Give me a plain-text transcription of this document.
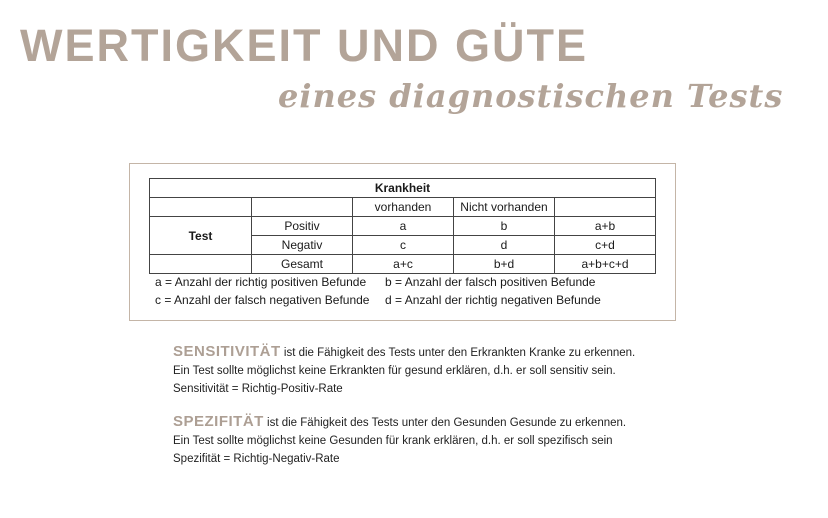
WERTIGKEIT UND GÜTE
eines diagnostischen Tests
Krankheit				
		vorhanden	Nicht vorhanden	
Test	Positiv	a	b	a+b
	Negativ	c	d	c+d
	Gesamt	a+c	b+d	a+b+c+d
a = Anzahl der richtig positiven Befunde b = Anzahl der falsch positiven Befunde
c = Anzahl der falsch negativen Befunde d = Anzahl der richtig negativen Befunde
SENSITIVITÄT ist die Fähigkeit des Tests unter den Erkrankten Kranke zu erkennen.
Ein Test sollte möglichst keine Erkrankten für gesund erklären, d.h. er soll sensitiv sein.
Sensitivität = Richtig-Positiv-Rate
SPEZIFITÄT ist die Fähigkeit des Tests unter den Gesunden Gesunde zu erkennen.
Ein Test sollte möglichst keine Gesunden für krank erklären, d.h. er soll spezifisch sein
Spezifität = Richtig-Negativ-Rate
